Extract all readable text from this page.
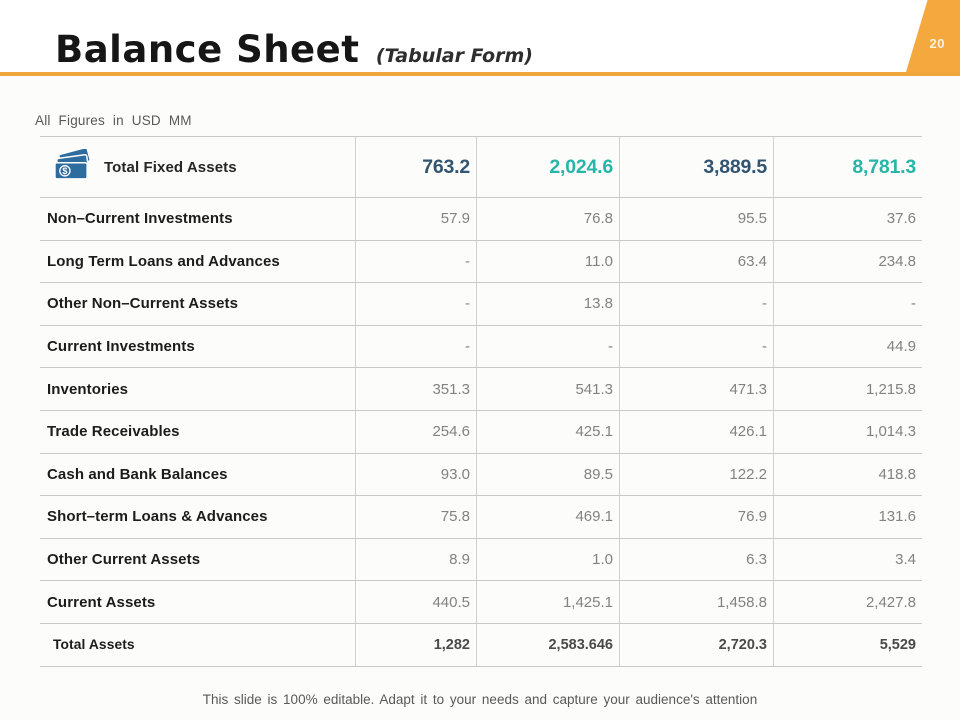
Balance Sheet (Tabular Form)
20
All Figures in USD MM
$ Total Fixed Assets	763.2	2,024.6	3,889.5	8,781.3
Non–Current Investments	57.9	76.8	95.5	37.6
Long Term Loans and Advances	-	11.0	63.4	234.8
Other Non–Current Assets	-	13.8	-	-
Current Investments	-	-	-	44.9
Inventories	351.3	541.3	471.3	1,215.8
Trade Receivables	254.6	425.1	426.1	1,014.3
Cash and Bank Balances	93.0	89.5	122.2	418.8
Short–term Loans & Advances	75.8	469.1	76.9	131.6
Other Current Assets	8.9	1.0	6.3	3.4
Current Assets	440.5	1,425.1	1,458.8	2,427.8
Total Assets	1,282	2,583.646	2,720.3	5,529
This slide is 100% editable. Adapt it to your needs and capture your audience's attention
